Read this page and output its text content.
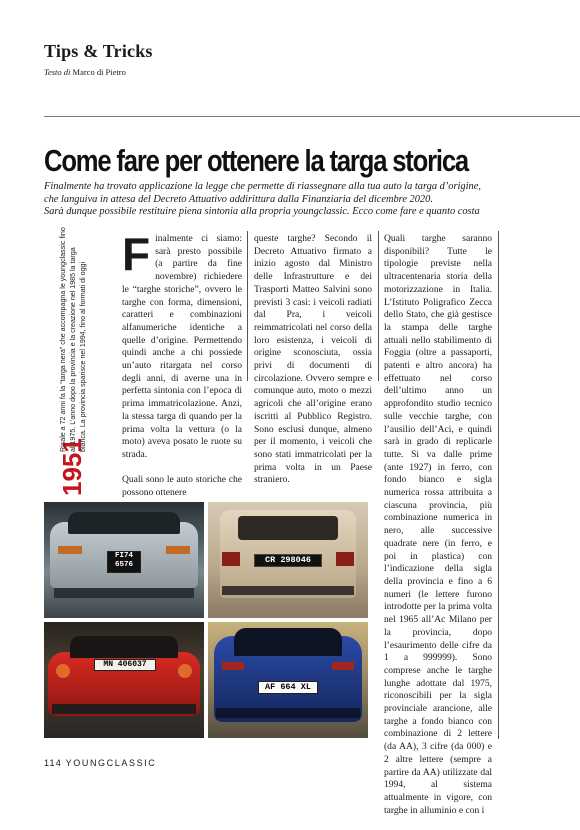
Tips & Tricks
Testo di Marco di Pietro
Come fare per ottenere la targa storica
Finalmente ha trovato applicazione la legge che permette di riassegnare alla tua auto la targa d’origine,
che languiva in attesa del Decreto Attuativo addirittura dalla Finanziaria del dicembre 2020.
Sarà dunque possibile restituire piena sintonia alla propria youngclassic. Ecco come fare e quanto costa
1951
Risale a 72 anni fa la “targa nera” che accompagna le youngclassic fino al 1975. L’anno dopo la provincia e la creazione nel 1985 la targa bianca. La provincia sparisce nel 1994, fino al formati di oggi

Finalmente ci siamo: sarà presto possibile (a partire da fine novembre) richiedere le “targhe storiche”, ovvero le targhe con forma, dimensioni, caratteri e combinazioni alfanumeriche identiche a quelle d’origine. Permettendo quindi anche a chi possiede un’auto ritargata nel corso degli anni, di averne una in perfetta sintonia con l’epoca di prima immatricolazione. Anzi, la stessa targa di quando per la prima volta la vettura (o la moto) aveva posato le ruote su strada.

Quali sono le auto storiche che possono ottenere

queste targhe? Secondo il Decreto Attuativo firmato a inizio agosto dal Ministro delle Infrastrutture e dei Trasporti Matteo Salvini sono previsti 3 casi: i veicoli radiati dal Pra, i veicoli reimmatricolati nel corso della loro esistenza, i veicoli di origine sconosciuta, ossia privi di documenti di circolazione. Ovvero sempre e comunque auto, moto o mezzi agricoli che all’origine erano iscritti al Pubblico Registro. Sono esclusi dunque, almeno per il momento, i veicoli che sono stati immatricolati per la prima volta in un Paese straniero.

Quali targhe saranno disponibili? Tutte le tipologie previste nella ultracentenaria storia della motorizzazione in Italia. L’Istituto Poligrafico Zecca dello Stato, che già gestisce la stampa delle targhe attuali nello stabilimento di Foggia (oltre a passaporti, patenti e altro ancora) ha effettuato nel corso dell’ultimo anno un approfondito studio tecnico sulle vecchie targhe, con l’ausilio dell’Aci, e quindi sarà in grado di replicarle tutte. Si va dalle prime (ante 1927) in ferro, con fondo bianco e sigla numerica rossa attribuita a ciascuna provincia, più combinazione numerica in nero, alle successive quadrate nere (in ferro, e poi in plastica) con l’indicazione della sigla della provincia e fino a 6 numeri (le lettere furono introdotte per la prima volta nel 1965 all’Ac Milano per la provincia, dopo l’esaurimento delle cifre da 1 a 999999). Sono comprese anche le targhe lunghe adottate dal 1975, riconoscibili per la sigla provinciale arancione, alle targhe a fondo bianco con combinazione di 2 lettere (da AA), 3 cifre (da 000) e 2 altre lettere (sempre a partire da AA) utilizzate dal 1994, al sistema attualmente in vigore, con targhe in alluminio e con i

FI74
6576	CR 298046
MN 406037
AF 664 XL
114 YOUNGCLASSIC
